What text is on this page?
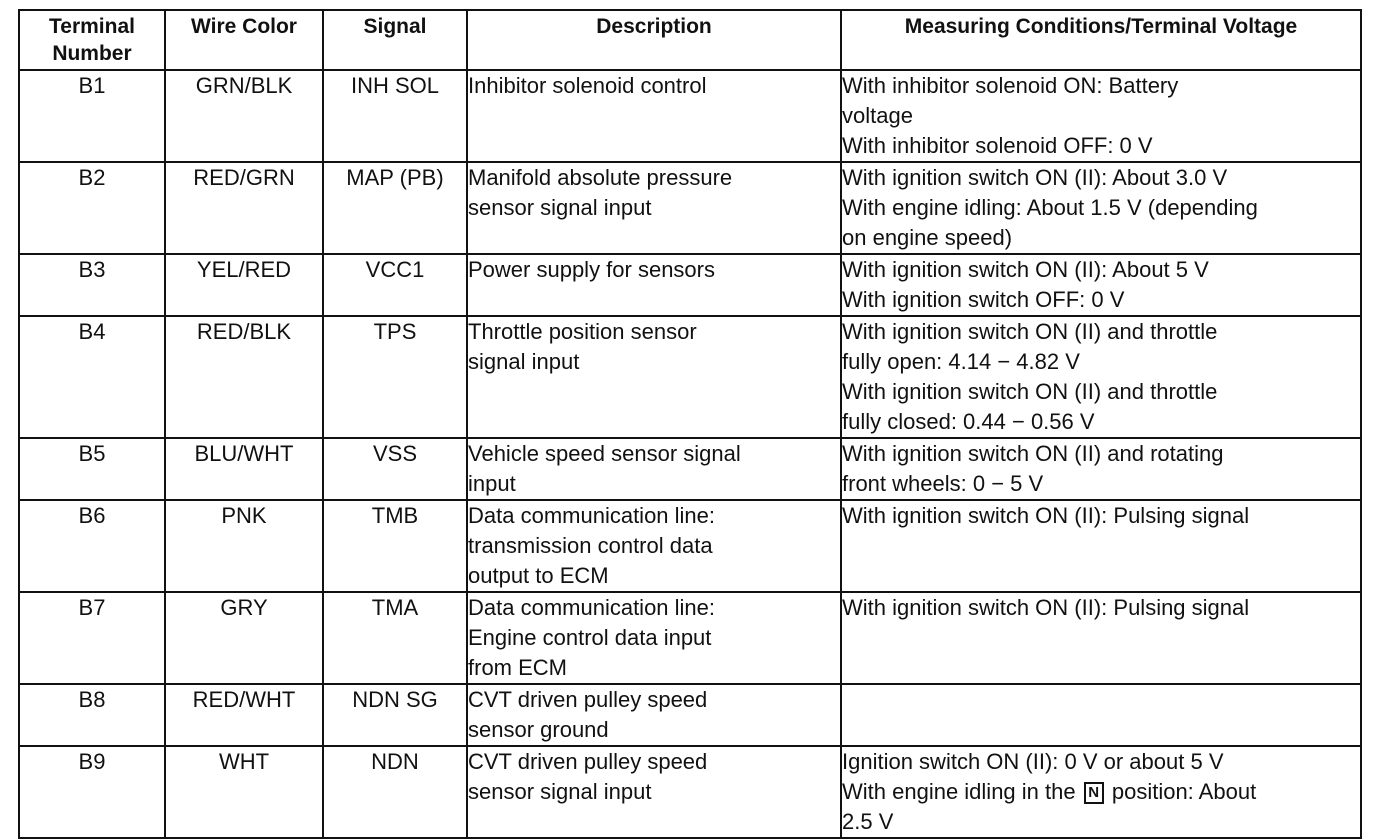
Terminal
Number	Wire Color	Signal	Description	Measuring Conditions/Terminal Voltage
B1	GRN/BLK	INH SOL	Inhibitor solenoid control	With inhibitor solenoid ON: Battery
voltage
With inhibitor solenoid OFF: 0 V

B2	RED/GRN	MAP (PB)	Manifold absolute pressure
sensor signal input	With ignition switch ON (II): About 3.0 V
With engine idling: About 1.5 V (depending
on engine speed)

B3	YEL/RED	VCC1	Power supply for sensors	With ignition switch ON (II): About 5 V
With ignition switch OFF: 0 V

B4	RED/BLK	TPS	Throttle position sensor
signal input	With ignition switch ON (II) and throttle
fully open: 4.14 − 4.82 V
With ignition switch ON (II) and throttle
fully closed: 0.44 − 0.56 V

B5	BLU/WHT	VSS	Vehicle speed sensor signal
input	With ignition switch ON (II) and rotating
front wheels: 0 − 5 V

B6	PNK	TMB	Data communication line:
transmission control data
output to ECM	With ignition switch ON (II): Pulsing signal

B7	GRY	TMA	Data communication line:
Engine control data input
from ECM	With ignition switch ON (II): Pulsing signal

B8	RED/WHT	NDN SG	CVT driven pulley speed
sensor ground	

B9	WHT	NDN	CVT driven pulley speed
sensor signal input	Ignition switch ON (II): 0 V or about 5 V
With engine idling in the N position: About
2.5 V
